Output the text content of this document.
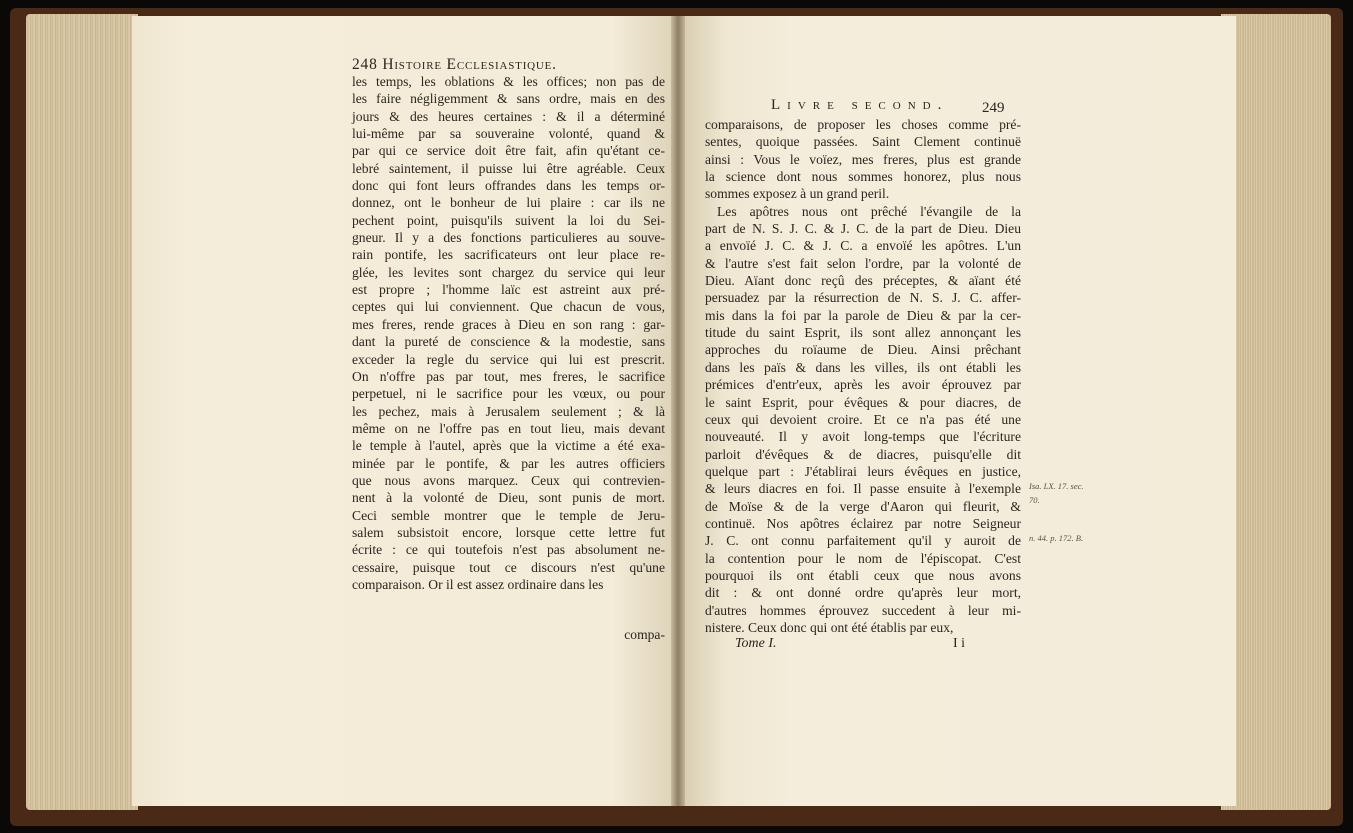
248 Histoire Ecclesiastique.
les temps, les oblations & les offices; non pas de
les faire négligemment & sans ordre, mais en des
jours & des heures certaines : & il a déterminé
lui-même par sa souveraine volonté, quand &
par qui ce service doit être fait, afin qu'étant ce-
lebré saintement, il puisse lui être agréable. Ceux
donc qui font leurs offrandes dans les temps or-
donnez, ont le bonheur de lui plaire : car ils ne
pechent point, puisqu'ils suivent la loi du Sei-
gneur. Il y a des fonctions particulieres au souve-
rain pontife, les sacrificateurs ont leur place re-
glée, les levites sont chargez du service qui leur
est propre ; l'homme laïc est astreint aux pré-
ceptes qui lui conviennent. Que chacun de vous,
mes freres, rende graces à Dieu en son rang : gar-
dant la pureté de conscience & la modestie, sans
exceder la regle du service qui lui est prescrit.
On n'offre pas par tout, mes freres, le sacrifice
perpetuel, ni le sacrifice pour les vœux, ou pour
les pechez, mais à Jerusalem seulement ; & là
même on ne l'offre pas en tout lieu, mais devant
le temple à l'autel, après que la victime a été exa-
minée par le pontife, & par les autres officiers
que nous avons marquez. Ceux qui contrevien-
nent à la volonté de Dieu, sont punis de mort.
Ceci semble montrer que le temple de Jeru-
salem subsistoit encore, lorsque cette lettre fut
écrite : ce qui toutefois n'est pas absolument ne-
cessaire, puisque tout ce discours n'est qu'une
comparaison. Or il est assez ordinaire dans les
compa-
Livre second. 249
comparaisons, de proposer les choses comme pré-
sentes, quoique passées. Saint Clement continuë
ainsi : Vous le voïez, mes freres, plus est grande
la science dont nous sommes honorez, plus nous
sommes exposez à un grand peril.
Les apôtres nous ont prêché l'évangile de la
part de N. S. J. C. & J. C. de la part de Dieu. Dieu
a envoïé J. C. & J. C. a envoïé les apôtres. L'un
& l'autre s'est fait selon l'ordre, par la volonté de
Dieu. Aïant donc reçû des préceptes, & aïant été
persuadez par la résurrection de N. S. J. C. affer-
mis dans la foi par la parole de Dieu & par la cer-
titude du saint Esprit, ils sont allez annonçant les
approches du roïaume de Dieu. Ainsi prêchant
dans les païs & dans les villes, ils ont établi les
prémices d'entr'eux, après les avoir éprouvez par
le saint Esprit, pour évêques & pour diacres, de
ceux qui devoient croire. Et ce n'a pas été une
nouveauté. Il y avoit long-temps que l'écriture
parloit d'évêques & de diacres, puisqu'elle dit
quelque part : J'établirai leurs évêques en justice,
& leurs diacres en foi. Il passe ensuite à l'exemple
de Moïse & de la verge d'Aaron qui fleurit, &
continuë. Nos apôtres éclairez par notre Seigneur
J. C. ont connu parfaitement qu'il y auroit de
la contention pour le nom de l'épiscopat. C'est
pourquoi ils ont établi ceux que nous avons
dit : & ont donné ordre qu'après leur mort,
d'autres hommes éprouvez succedent à leur mi-
nistere. Ceux donc qui ont été établis par eux,
Tome I.	I i
Isa. LX. 17. sec.
70.
n. 44. p. 172. B.
